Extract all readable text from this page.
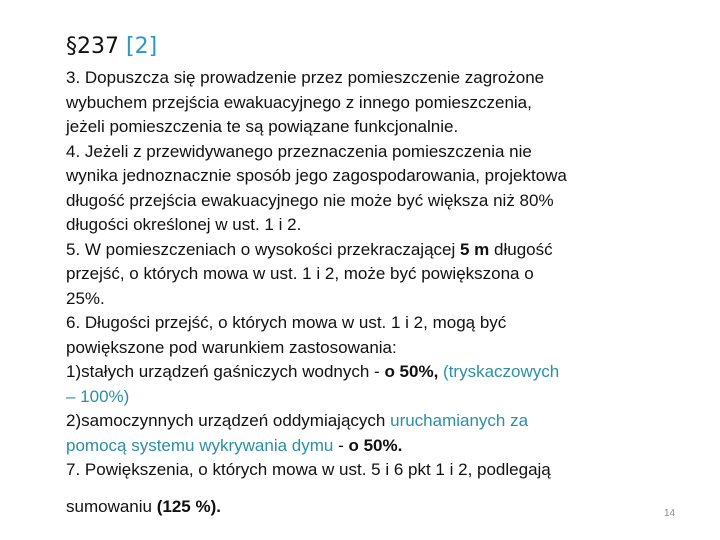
§237 [2]
3. Dopuszcza się prowadzenie przez pomieszczenie zagrożone
wybuchem przejścia ewakuacyjnego z innego pomieszczenia,
jeżeli pomieszczenia te są powiązane funkcjonalnie.
4. Jeżeli z przewidywanego przeznaczenia pomieszczenia nie
wynika jednoznacznie sposób jego zagospodarowania, projektowa
długość przejścia ewakuacyjnego nie może być większa niż 80%
długości określonej w ust. 1 i 2.
5. W pomieszczeniach o wysokości przekraczającej 5 m długość
przejść, o których mowa w ust. 1 i 2, może być powiększona o
25%.
6. Długości przejść, o których mowa w ust. 1 i 2, mogą być
powiększone pod warunkiem zastosowania:
1)stałych urządzeń gaśniczych wodnych - o 50%, (tryskaczowych
– 100%)
2)samoczynnych urządzeń oddymiających uruchamianych za
pomocą systemu wykrywania dymu - o 50%.
7. Powiększenia, o których mowa w ust. 5 i 6 pkt 1 i 2, podlegają
sumowaniu (125 %).	14
